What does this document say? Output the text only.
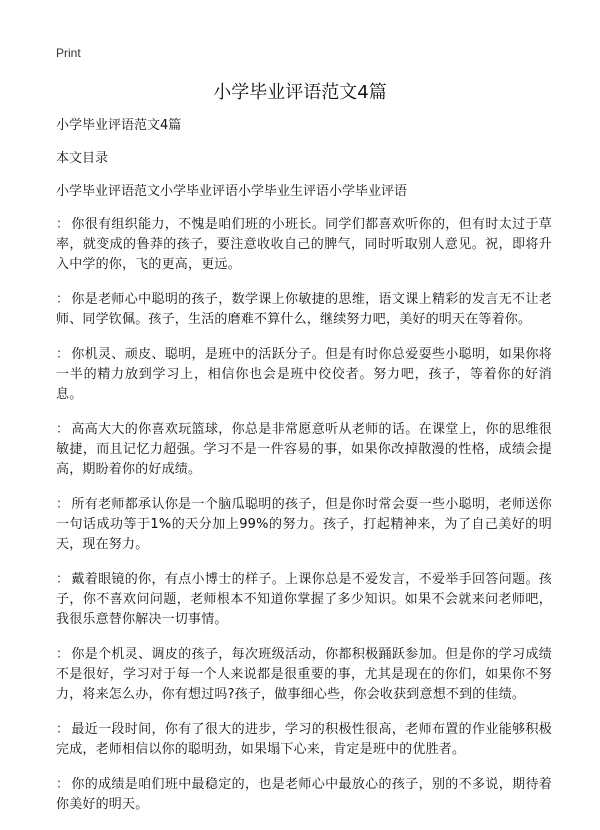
Print
小学毕业评语范文4篇

小学毕业评语范文4篇

本文目录

小学毕业评语范文小学毕业评语小学毕业生评语小学毕业评语

： 你很有组织能力，不愧是咱们班的小班长。同学们都喜欢听你的，但有时太过于草率，就变成的鲁莽的孩子，要注意收收自己的脾气，同时听取别人意见。祝，即将升入中学的你，飞的更高，更远。

： 你是老师心中聪明的孩子，数学课上你敏捷的思维，语文课上精彩的发言无不让老师、同学钦佩。孩子，生活的磨难不算什么，继续努力吧，美好的明天在等着你。

： 你机灵、顽皮、聪明，是班中的活跃分子。但是有时你总爱耍些小聪明，如果你将一半的精力放到学习上，相信你也会是班中佼佼者。努力吧，孩子，等着你的好消息。

： 高高大大的你喜欢玩篮球，你总是非常愿意听从老师的话。在课堂上，你的思维很敏捷，而且记忆力超强。学习不是一件容易的事，如果你改掉散漫的性格，成绩会提高，期盼着你的好成绩。

： 所有老师都承认你是一个脑瓜聪明的孩子，但是你时常会耍一些小聪明，老师送你一句话成功等于1%的天分加上99%的努力。孩子，打起精神来，为了自己美好的明天，现在努力。

： 戴着眼镜的你，有点小博士的样子。上课你总是不爱发言，不爱举手回答问题。孩子，你不喜欢问问题，老师根本不知道你掌握了多少知识。如果不会就来问老师吧，我很乐意替你解决一切事情。

： 你是个机灵、调皮的孩子，每次班级活动，你都积极踊跃参加。但是你的学习成绩不是很好，学习对于每一个人来说都是很重要的事，尤其是现在的你们，如果你不努力，将来怎么办，你有想过吗?孩子，做事细心些，你会收获到意想不到的佳绩。

： 最近一段时间，你有了很大的进步，学习的积极性很高，老师布置的作业能够积极完成，老师相信以你的聪明劲，如果塌下心来，肯定是班中的优胜者。

： 你的成绩是咱们班中最稳定的，也是老师心中最放心的孩子，别的不多说，期待着你美好的明天。
